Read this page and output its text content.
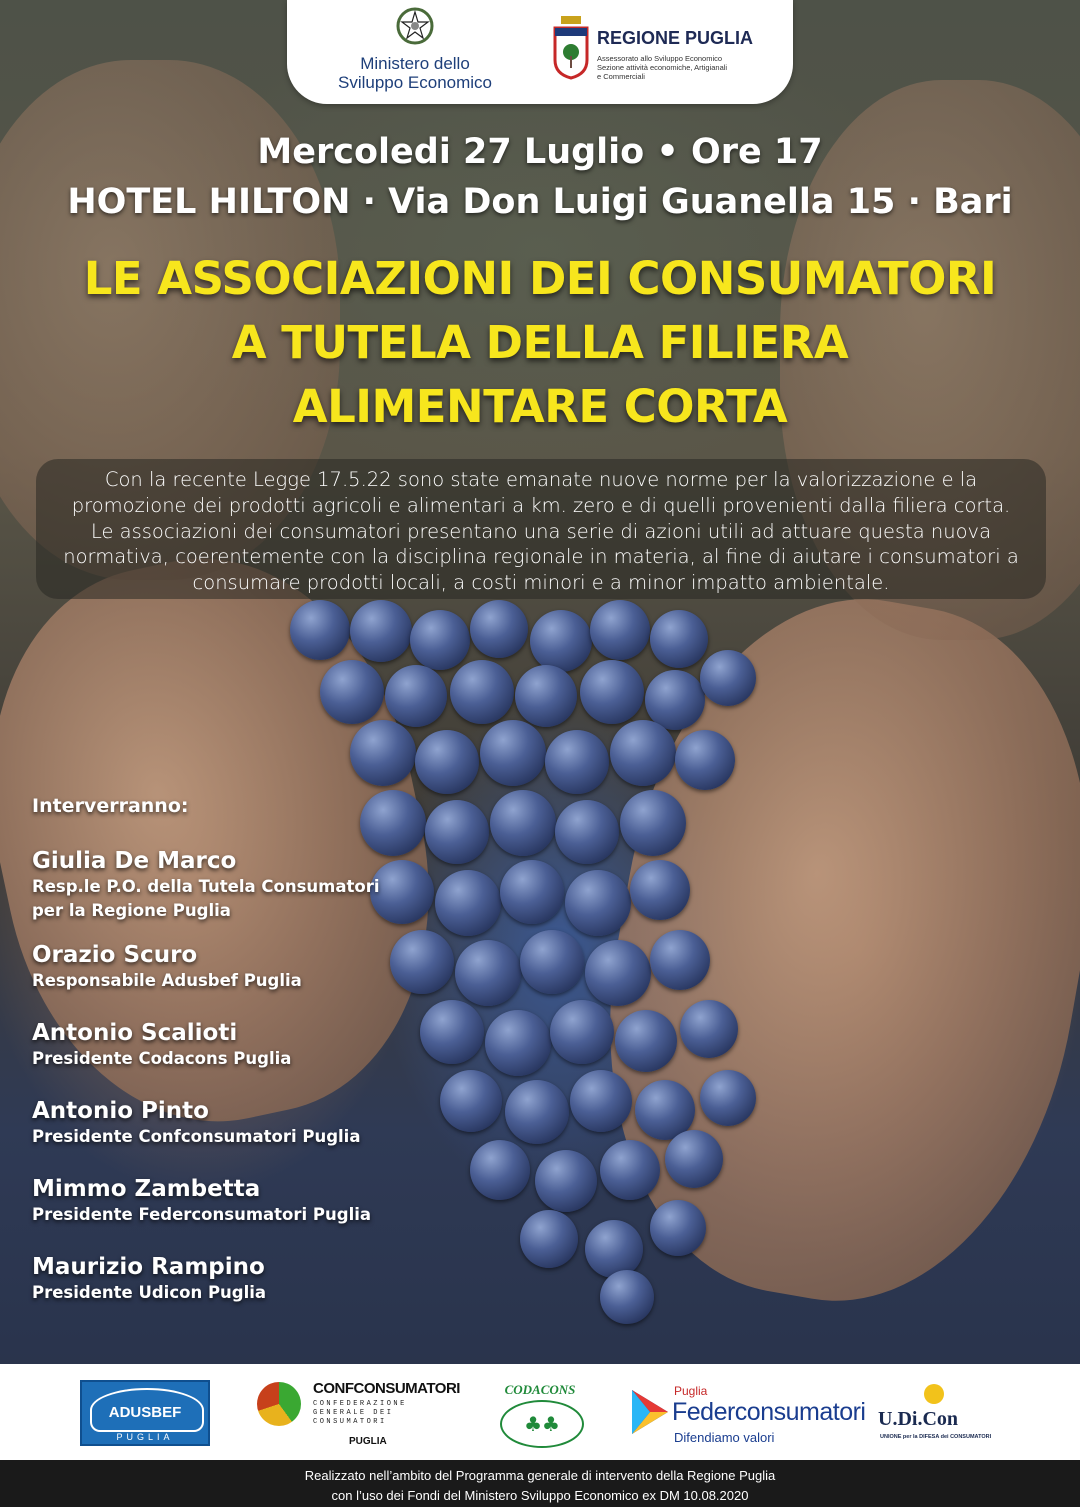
Ministero dello
Sviluppo Economico
REGIONE PUGLIA
Assessorato allo Sviluppo Economico
Sezione attività economiche, Artigianali
e Commerciali
Mercoledi 27 Luglio • Ore 17
HOTEL HILTON · Via Don Luigi Guanella 15 · Bari
LE ASSOCIAZIONI DEI CONSUMATORI
A TUTELA DELLA FILIERA
ALIMENTARE CORTA
Con la recente Legge 17.5.22 sono state emanate nuove norme per la valorizzazione e la
promozione dei prodotti agricoli e alimentari a km. zero e di quelli provenienti dalla filiera corta.
Le associazioni dei consumatori presentano una serie di azioni utili ad attuare questa nuova
normativa, coerentemente con la disciplina regionale in materia, al fine di aiutare i consumatori a
consumare prodotti locali, a costi minori e a minor impatto ambientale.
Interverranno:
Giulia De Marco
Resp.le P.O. della Tutela Consumatori
per la Regione Puglia
Orazio Scuro
Responsabile Adusbef Puglia
Antonio Scalioti
Presidente Codacons Puglia
Antonio Pinto
Presidente Confconsumatori Puglia
Mimmo Zambetta
Presidente Federconsumatori Puglia
Maurizio Rampino
Presidente Udicon Puglia
ADUSBEF
PUGLIA
CONFCONSUMATORI
CONFEDERAZIONE GENERALE DEI CONSUMATORI
PUGLIA
CODACONS
♣♣
Puglia
Federconsumatori
Difendiamo valori
U.Di.Con
UNIONE per la DIFESA dei CONSUMATORI
Realizzato nell’ambito del Programma generale di intervento della Regione Puglia
con l’uso dei Fondi del Ministero Sviluppo Economico ex DM 10.08.2020
